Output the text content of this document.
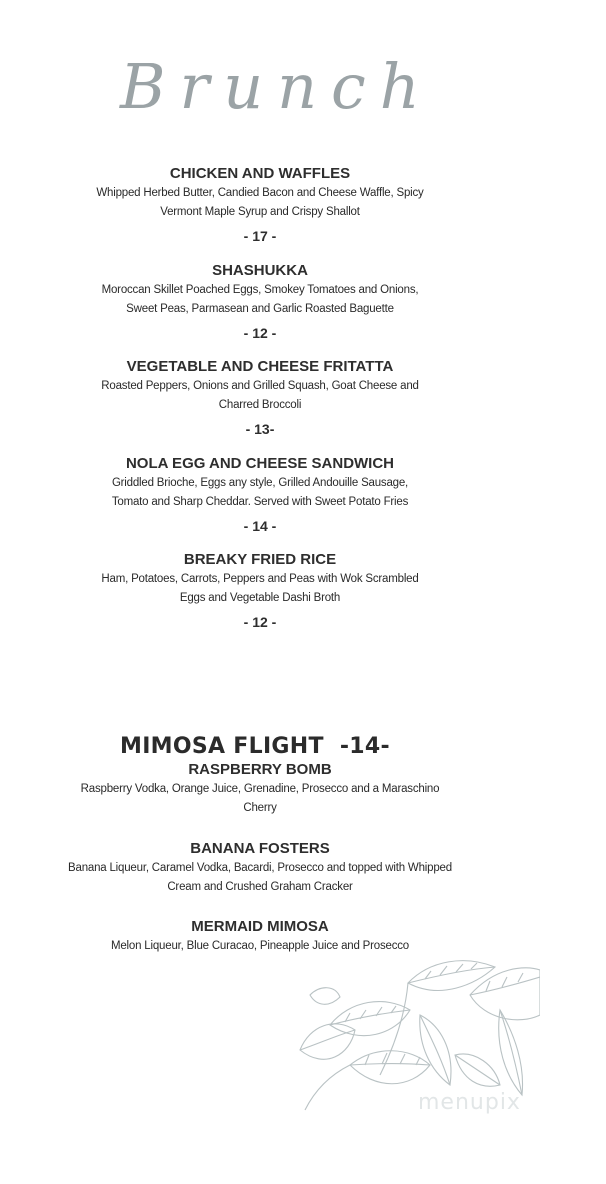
Brunch
CHICKEN AND WAFFLES
Whipped Herbed Butter, Candied Bacon and Cheese Waffle, Spicy Vermont Maple Syrup and Crispy Shallot
- 17 -
SHASHUKKA
Moroccan Skillet Poached Eggs, Smokey Tomatoes and Onions, Sweet Peas, Parmasean and Garlic Roasted Baguette
- 12 -
VEGETABLE AND CHEESE FRITATTA
Roasted Peppers, Onions and Grilled Squash, Goat Cheese and Charred Broccoli
- 13-
NOLA EGG AND CHEESE SANDWICH
Griddled Brioche, Eggs any style, Grilled Andouille Sausage, Tomato and Sharp Cheddar. Served with Sweet Potato Fries
- 14 -
BREAKY FRIED RICE
Ham, Potatoes, Carrots, Peppers and Peas with Wok Scrambled Eggs and Vegetable Dashi Broth
- 12 -
MIMOSA FLIGHT -14-
RASPBERRY BOMB
Raspberry Vodka, Orange Juice, Grenadine, Prosecco and a Maraschino Cherry
BANANA FOSTERS
Banana Liqueur, Caramel Vodka, Bacardi, Prosecco and topped with Whipped Cream and Crushed Graham Cracker
MERMAID MIMOSA
Melon Liqueur, Blue Curacao, Pineapple Juice and Prosecco
menupix
